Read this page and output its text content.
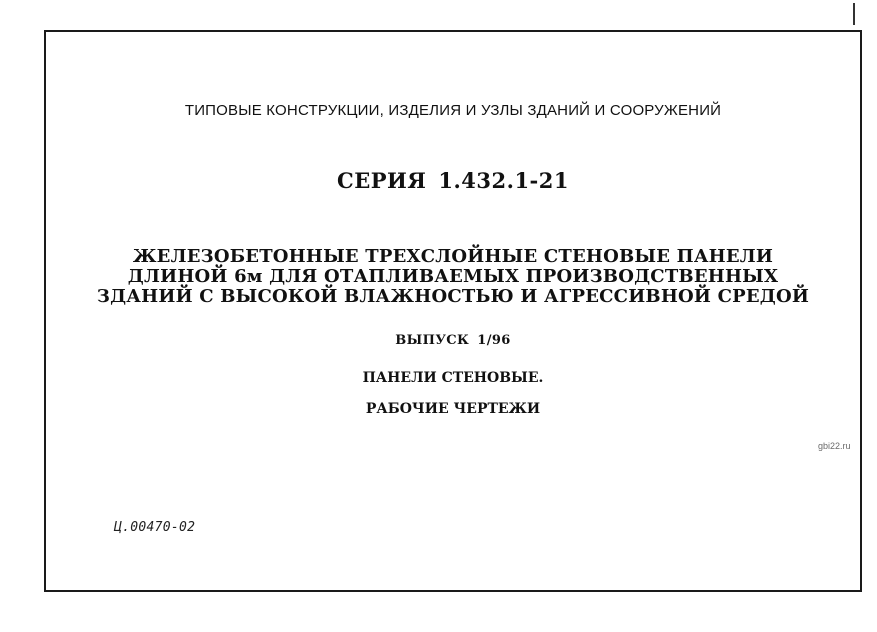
ТИПОВЫЕ КОНСТРУКЦИИ, ИЗДЕЛИЯ И УЗЛЫ ЗДАНИЙ И СООРУЖЕНИЙ
СЕРИЯ 1.432.1-21
ЖЕЛЕЗОБЕТОННЫЕ ТРЕХСЛОЙНЫЕ СТЕНОВЫЕ ПАНЕЛИ
ДЛИНОЙ 6м ДЛЯ ОТАПЛИВАЕМЫХ ПРОИЗВОДСТВЕННЫХ
ЗДАНИЙ С ВЫСОКОЙ ВЛАЖНОСТЬЮ И АГРЕССИВНОЙ СРЕДОЙ
ВЫПУСК 1/96
ПАНЕЛИ СТЕНОВЫЕ.
РАБОЧИЕ ЧЕРТЕЖИ
Ц.00470-02
gbi22.ru
